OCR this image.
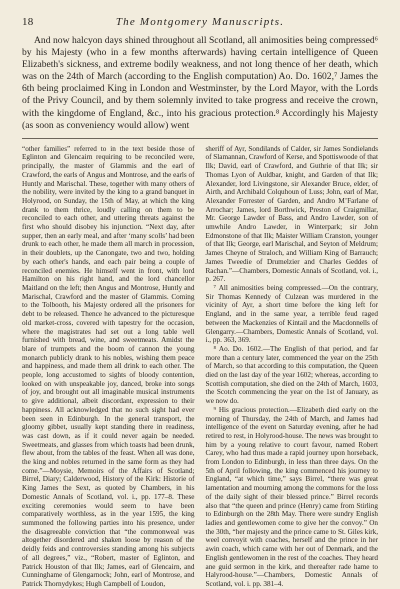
18	The Montgomery Manuscripts.

And now halcyon days shined throughout all Scotland, all animosities being compressed⁶ by his Majesty (who in a few months afterwards) having certain intelligence of Queen Elizabeth's sickness, and extreme bodily weakness, and not long thence of her death, which was on the 24th of March (according to the English computation) Ao. Do. 1602,⁷ James the 6th being proclaimed King in London and Westminster, by the Lord Mayor, with the Lords of the Privy Council, and by them solemnly invited to take progress and receive the crown, with the kingdome of England, &c., into his gracious protection.⁸ Accordingly his Majesty (as soon as conveniency would allow) went

“other families” referred to in the text beside those of Eglinton and Glencairn requiring to be reconciled were, principally, the master of Glammis and the earl of Crawford, the earls of Angus and Montrose, and the earls of Huntly and Marischal. These, together with many others of the nobility, were invited by the king to a grand banquet in Holyrood, on Sunday, the 15th of May, at which the king drank to them thrice, loudly calling on them to be reconciled to each other, and uttering threats against the first who should disobey his injunction. “Next day, after supper, then an early meal, and after ‘many scolls’ had been drunk to each other, he made them all march in procession, in their doublets, up the Canongate, two and two, holding by each other's hands, and each pair being a couple of reconciled enemies. He himself went in front, with lord Hamilton on his right hand, and the lord chancellor Maitland on the left; then Angus and Montrose, Huntly and Marischal, Crawford and the master of Glammis. Coming to the Tolbooth, his Majesty ordered all the prisoners for debt to be released. Thence he advanced to the picturesque old market-cross, covered with tapestry for the occasion, where the magistrates had set out a long table well furnished with bread, wine, and sweetmeats. Amidst the blare of trumpets and the boom of cannon the young monarch publicly drank to his nobles, wishing them peace and happiness, and made them all drink to each other. The people, long accustomed to sights of bloody contention, looked on with unspeakable joy, danced, broke into songs of joy, and brought out all imaginable musical instruments to give additional, albeit discordant, expression to their happiness. All acknowledged that no such sight had ever been seen in Edinburgh. In the general transport, the gloomy gibbet, usually kept standing there in readiness, was cast down, as if it could never again be needed. Sweetmeats, and glasses from which toasts had been drunk, flew about, from the tables of the feast. When all was done, the king and nobles returned in the same form as they had come.”—Moysie, Memoirs of the Affairs of Scotland; Birrel, Diary; Calderwood, History of the Kirk: Historie of King James the Sext, as quoted by Chambers, in his Domestic Annals of Scotland, vol. i., pp. 177–8. These exciting ceremonies would seem to have been comparatively worthless, as in the year 1595, the king summoned the following parties into his presence, under the disagreeable conviction that “the commonweal was altogether disordered and shaken loose by reason of the deidly feids and controversies standing among his subjects of all degrees,” viz., “Robert, master of Eglinton, and Patrick Houston of that Ilk; James, earl of Glencairn, and Cunninghame of Glengarnock; John, earl of Montrose, and Patrick Thornydykes; Hugh Campbell of Loudon,

sheriff of Ayr, Sondilands of Calder, sir James Sondielands of Slamannan, Crawford of Kerse, and Spottiswoode of that Ilk; David, earl of Crawford, and Guthrie of that Ilk; sir Thomas Lyon of Auldbar, knight, and Garden of that Ilk; Alexander, lord Livingstone, sir Alexander Bruce, elder, of Airth, and Archibald Colquhoun of Luss; John, earl of Mar, Alexander Forrester of Garden, and Andro M’Farlane of Arrochar; James, lord Borthwick, Preston of Craigmillar, Mr. George Lawder of Bass, and Andro Lawder, son of umwhile Andro Lawder, in Winterpark; sir John Edmonstone of that Ilk; Maister William Cranston, younger of that Ilk; George, earl Marischal, and Seyton of Meldrum; James Cheyne of Straloch, and William King of Barrauch; James Tweedie of Drumelzier and Charles Geddes of Rachan.”—Chambers, Domestic Annals of Scotland, vol. i., p. 267.

⁷ All animosities being compressed.—On the contrary, Sir Thomas Kennedy of Culzean was murdered in the vicinity of Ayr, a short time before the king left for England, and in the same year, a terrible feud raged between the Mackenzies of Kintail and the Macdonnells of Glengarry.—Chambers, Domestic Annals of Scotland, vol. i., pp. 363, 369.

⁸ Ao. Do. 1602.—The English of that period, and far more than a century later, commenced the year on the 25th of March, so that according to this computation, the Queen died on the last day of the year 1602; whereas, according to Scottish computation, she died on the 24th of March, 1603, the Scotch commencing the year on the 1st of January, as we now do.

⁹ His gracious protection.—Elizabeth died early on the morning of Thursday, the 24th of March, and James had intelligence of the event on Saturday evening, after he had retired to rest, in Holyrood-house. The news was brought to him by a young relative to court favour, named Robert Carey, who had thus made a rapid journey upon horseback, from London to Edinburgh, in less than three days. On the 5th of April following, the king commenced his journey to England, “at which time,” says Birrel, “there was great lamentation and mourning among the commons for the loss of the daily sight of their blessed prince.” Birrel records also that “the queen and prince (Henry) came from Stirling to Edinburgh on the 28th May. There were sundry English ladies and gentlewomen come to give her the convoy.” On the 30th, “her majesty and the prince came to St. Giles kirk, weel convoyit with coaches, herself and the prince in her awin coach, which came with her out of Denmark, and the English gentlewomen in the rest of the coaches. They heard ane guid sermon in the kirk, and thereafter rade hame to Halyrood-house.”—Chambers, Domestic Annals of Scotland, vol. i. pp. 381–4.
